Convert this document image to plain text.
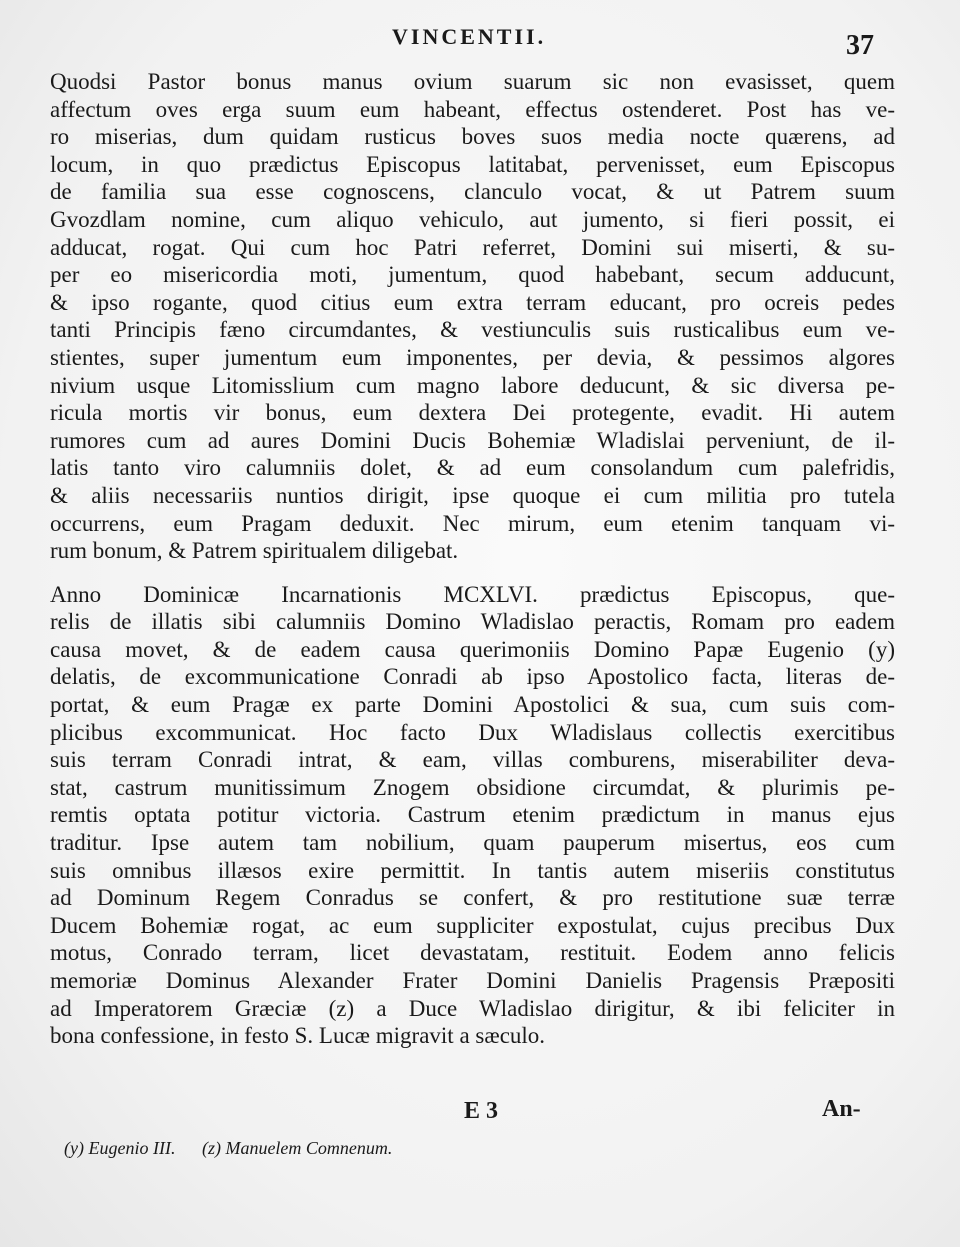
VINCENTII.	37
Quodsi Pastor bonus manus ovium suarum sic non evasisset, quem
affectum oves erga suum eum habeant, effectus ostenderet. Post has ve-
ro miserias, dum quidam rusticus boves suos media nocte quærens, ad
locum, in quo prædictus Episcopus latitabat, pervenisset, eum Episcopus
de familia sua esse cognoscens, clanculo vocat, & ut Patrem suum
Gvozdlam nomine, cum aliquo vehiculo, aut jumento, si fieri possit, ei
adducat, rogat. Qui cum hoc Patri referret, Domini sui miserti, & su-
per eo misericordia moti, jumentum, quod habebant, secum adducunt,
& ipso rogante, quod citius eum extra terram educant, pro ocreis pedes
tanti Principis fæno circumdantes, & vestiunculis suis rusticalibus eum ve-
stientes, super jumentum eum imponentes, per devia, & pessimos algores
nivium usque Litomisslium cum magno labore deducunt, & sic diversa pe-
ricula mortis vir bonus, eum dextera Dei protegente, evadit. Hi autem
rumores cum ad aures Domini Ducis Bohemiæ Wladislai perveniunt, de il-
latis tanto viro calumniis dolet, & ad eum consolandum cum palefridis,
& aliis necessariis nuntios dirigit, ipse quoque ei cum militia pro tutela
occurrens, eum Pragam deduxit. Nec mirum, eum etenim tanquam vi-
rum bonum, & Patrem spiritualem diligebat.
Anno Dominicæ Incarnationis MCXLVI. prædictus Episcopus, que-
relis de illatis sibi calumniis Domino Wladislao peractis, Romam pro eadem
causa movet, & de eadem causa querimoniis Domino Papæ Eugenio (y)
delatis, de excommunicatione Conradi ab ipso Apostolico facta, literas de-
portat, & eum Pragæ ex parte Domini Apostolici & sua, cum suis com-
plicibus excommunicat. Hoc facto Dux Wladislaus collectis exercitibus
suis terram Conradi intrat, & eam, villas comburens, miserabiliter deva-
stat, castrum munitissimum Znogem obsidione circumdat, & plurimis pe-
remtis optata potitur victoria. Castrum etenim prædictum in manus ejus
traditur. Ipse autem tam nobilium, quam pauperum misertus, eos cum
suis omnibus illæsos exire permittit. In tantis autem miseriis constitutus
ad Dominum Regem Conradus se confert, & pro restitutione suæ terræ
Ducem Bohemiæ rogat, ac eum suppliciter expostulat, cujus precibus Dux
motus, Conrado terram, licet devastatam, restituit. Eodem anno felicis
memoriæ Dominus Alexander Frater Domini Danielis Pragensis Præpositi
ad Imperatorem Græciæ (z) a Duce Wladislao dirigitur, & ibi feliciter in
bona confessione, in festo S. Lucæ migravit a sæculo.
E 3	An-
(y) Eugenio III. (z) Manuelem Comnenum.
